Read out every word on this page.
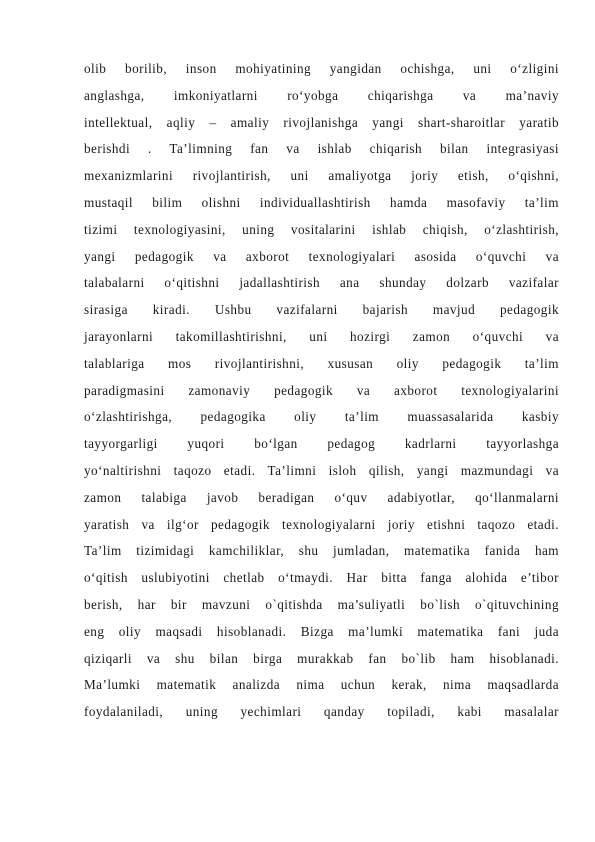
olib borilib, inson mohiyatining yangidan ochishga, uni o‘zligini
anglashga, imkoniyatlarni ro‘yobga chiqarishga va ma’naviy
intellektual, aqliy – amaliy rivojlanishga yangi shart-sharoitlar yaratib
berishdi . Ta’limning fan va ishlab chiqarish bilan integrasiyasi
mexanizmlarini rivojlantirish, uni amaliyotga joriy etish, o‘qishni,
mustaqil bilim olishni individuallashtirish hamda masofaviy ta’lim
tizimi texnologiyasini, uning vositalarini ishlab chiqish, o‘zlashtirish,
yangi pedagogik va axborot texnologiyalari asosida o‘quvchi va
talabalarni o‘qitishni jadallashtirish ana shunday dolzarb vazifalar
sirasiga kiradi. Ushbu vazifalarni bajarish mavjud pedagogik
jarayonlarni takomillashtirishni, uni hozirgi zamon o‘quvchi va
talablariga mos rivojlantirishni, xususan oliy pedagogik ta’lim
paradigmasini zamonaviy pedagogik va axborot texnologiyalarini
o‘zlashtirishga, pedagogika oliy ta’lim muassasalarida kasbiy
tayyorgarligi yuqori bo‘lgan pedagog kadrlarni tayyorlashga
yo‘naltirishni taqozo etadi. Ta’limni isloh qilish, yangi mazmundagi va
zamon talabiga javob beradigan o‘quv adabiyotlar, qo‘llanmalarni
yaratish va ilg‘or pedagogik texnologiyalarni joriy etishni taqozo etadi.
Ta’lim tizimidagi kamchiliklar, shu jumladan, matematika fanida ham
o‘qitish uslubiyotini chetlab o‘tmaydi. Har bitta fanga alohida e’tibor
berish, har bir mavzuni o`qitishda ma’suliyatli bo`lish o`qituvchining
eng oliy maqsadi hisoblanadi. Bizga ma’lumki matematika fani juda
qiziqarli va shu bilan birga murakkab fan bo`lib ham hisoblanadi.
Ma’lumki matematik analizda nima uchun kerak, nima maqsadlarda
foydalaniladi, uning yechimlari qanday topiladi, kabi masalalar
